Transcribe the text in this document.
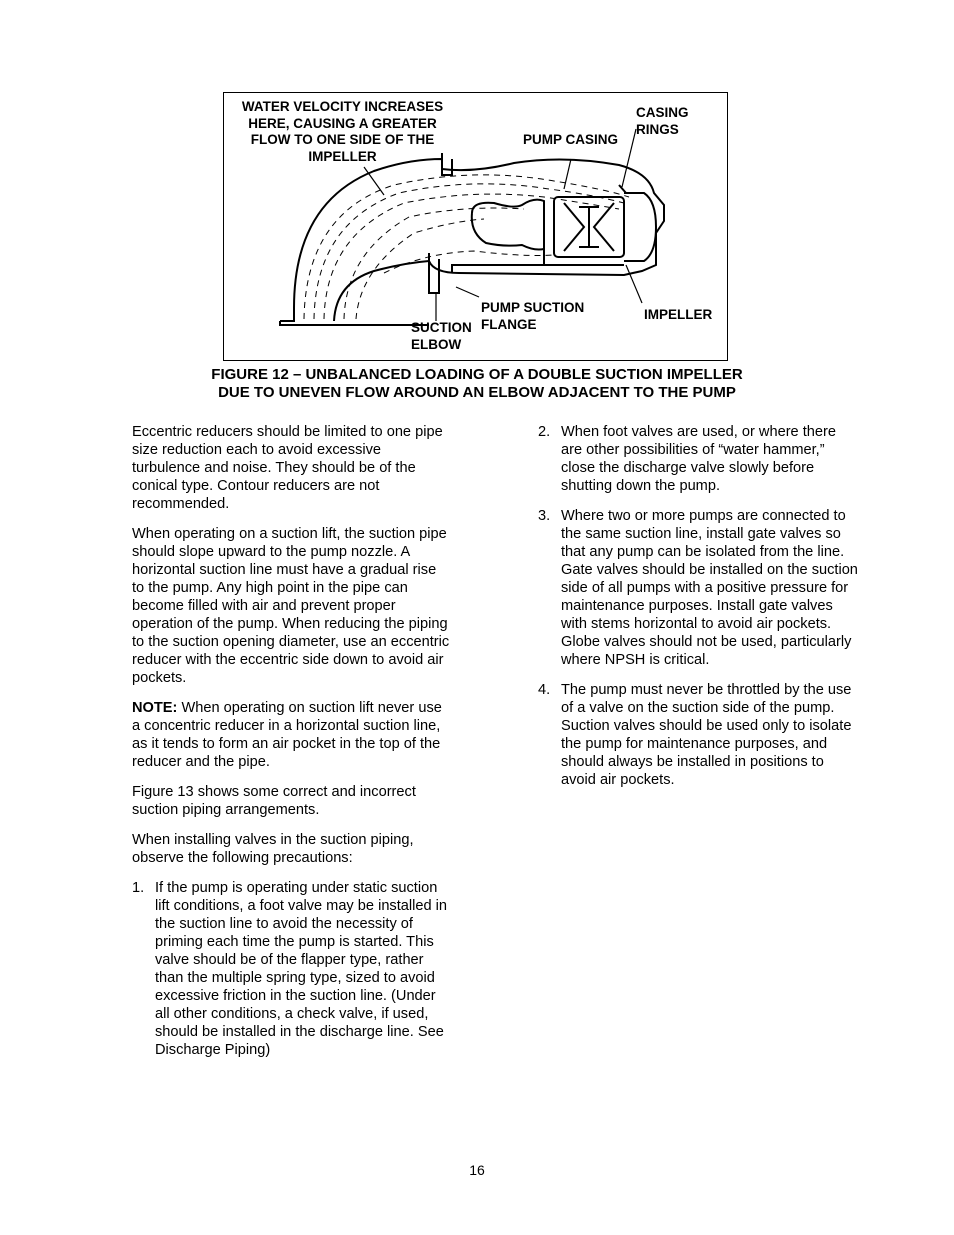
WATER VELOCITY INCREASES
HERE, CAUSING A GREATER
FLOW TO ONE SIDE OF THE
IMPELLER
PUMP CASING
CASING
RINGS
PUMP SUCTION
FLANGE
SUCTION
ELBOW
IMPELLER
FIGURE 12 – UNBALANCED LOADING OF A DOUBLE SUCTION IMPELLER
DUE TO UNEVEN FLOW AROUND AN ELBOW ADJACENT TO THE PUMP

Eccentric reducers should be limited to one pipe size reduction each to avoid excessive turbulence and noise. They should be of the conical type. Contour reducers are not recommended.

When operating on a suction lift, the suction pipe should slope upward to the pump nozzle. A horizontal suction line must have a gradual rise to the pump. Any high point in the pipe can become filled with air and prevent proper operation of the pump. When reducing the piping to the suction opening diameter, use an eccentric reducer with the eccentric side down to avoid air pockets.

NOTE: When operating on suction lift never use a concentric reducer in a horizontal suction line, as it tends to form an air pocket in the top of the reducer and the pipe.

Figure 13 shows some correct and incorrect suction piping arrangements.

When installing valves in the suction piping, observe the following precautions:

1. If the pump is operating under static suction lift conditions, a foot valve may be installed in the suction line to avoid the necessity of priming each time the pump is started. This valve should be of the flapper type, rather than the multiple spring type, sized to avoid excessive friction in the suction line. (Under all other conditions, a check valve, if used, should be installed in the discharge line. See Discharge Piping)
2. When foot valves are used, or where there are other possibilities of “water hammer,” close the discharge valve slowly before shutting down the pump.
3. Where two or more pumps are connected to the same suction line, install gate valves so that any pump can be isolated from the line. Gate valves should be installed on the suction side of all pumps with a positive pressure for maintenance purposes. Install gate valves with stems horizontal to avoid air pockets. Globe valves should not be used, particularly where NPSH is critical.
4. The pump must never be throttled by the use of a valve on the suction side of the pump. Suction valves should be used only to isolate the pump for maintenance purposes, and should always be installed in positions to avoid air pockets.
16
